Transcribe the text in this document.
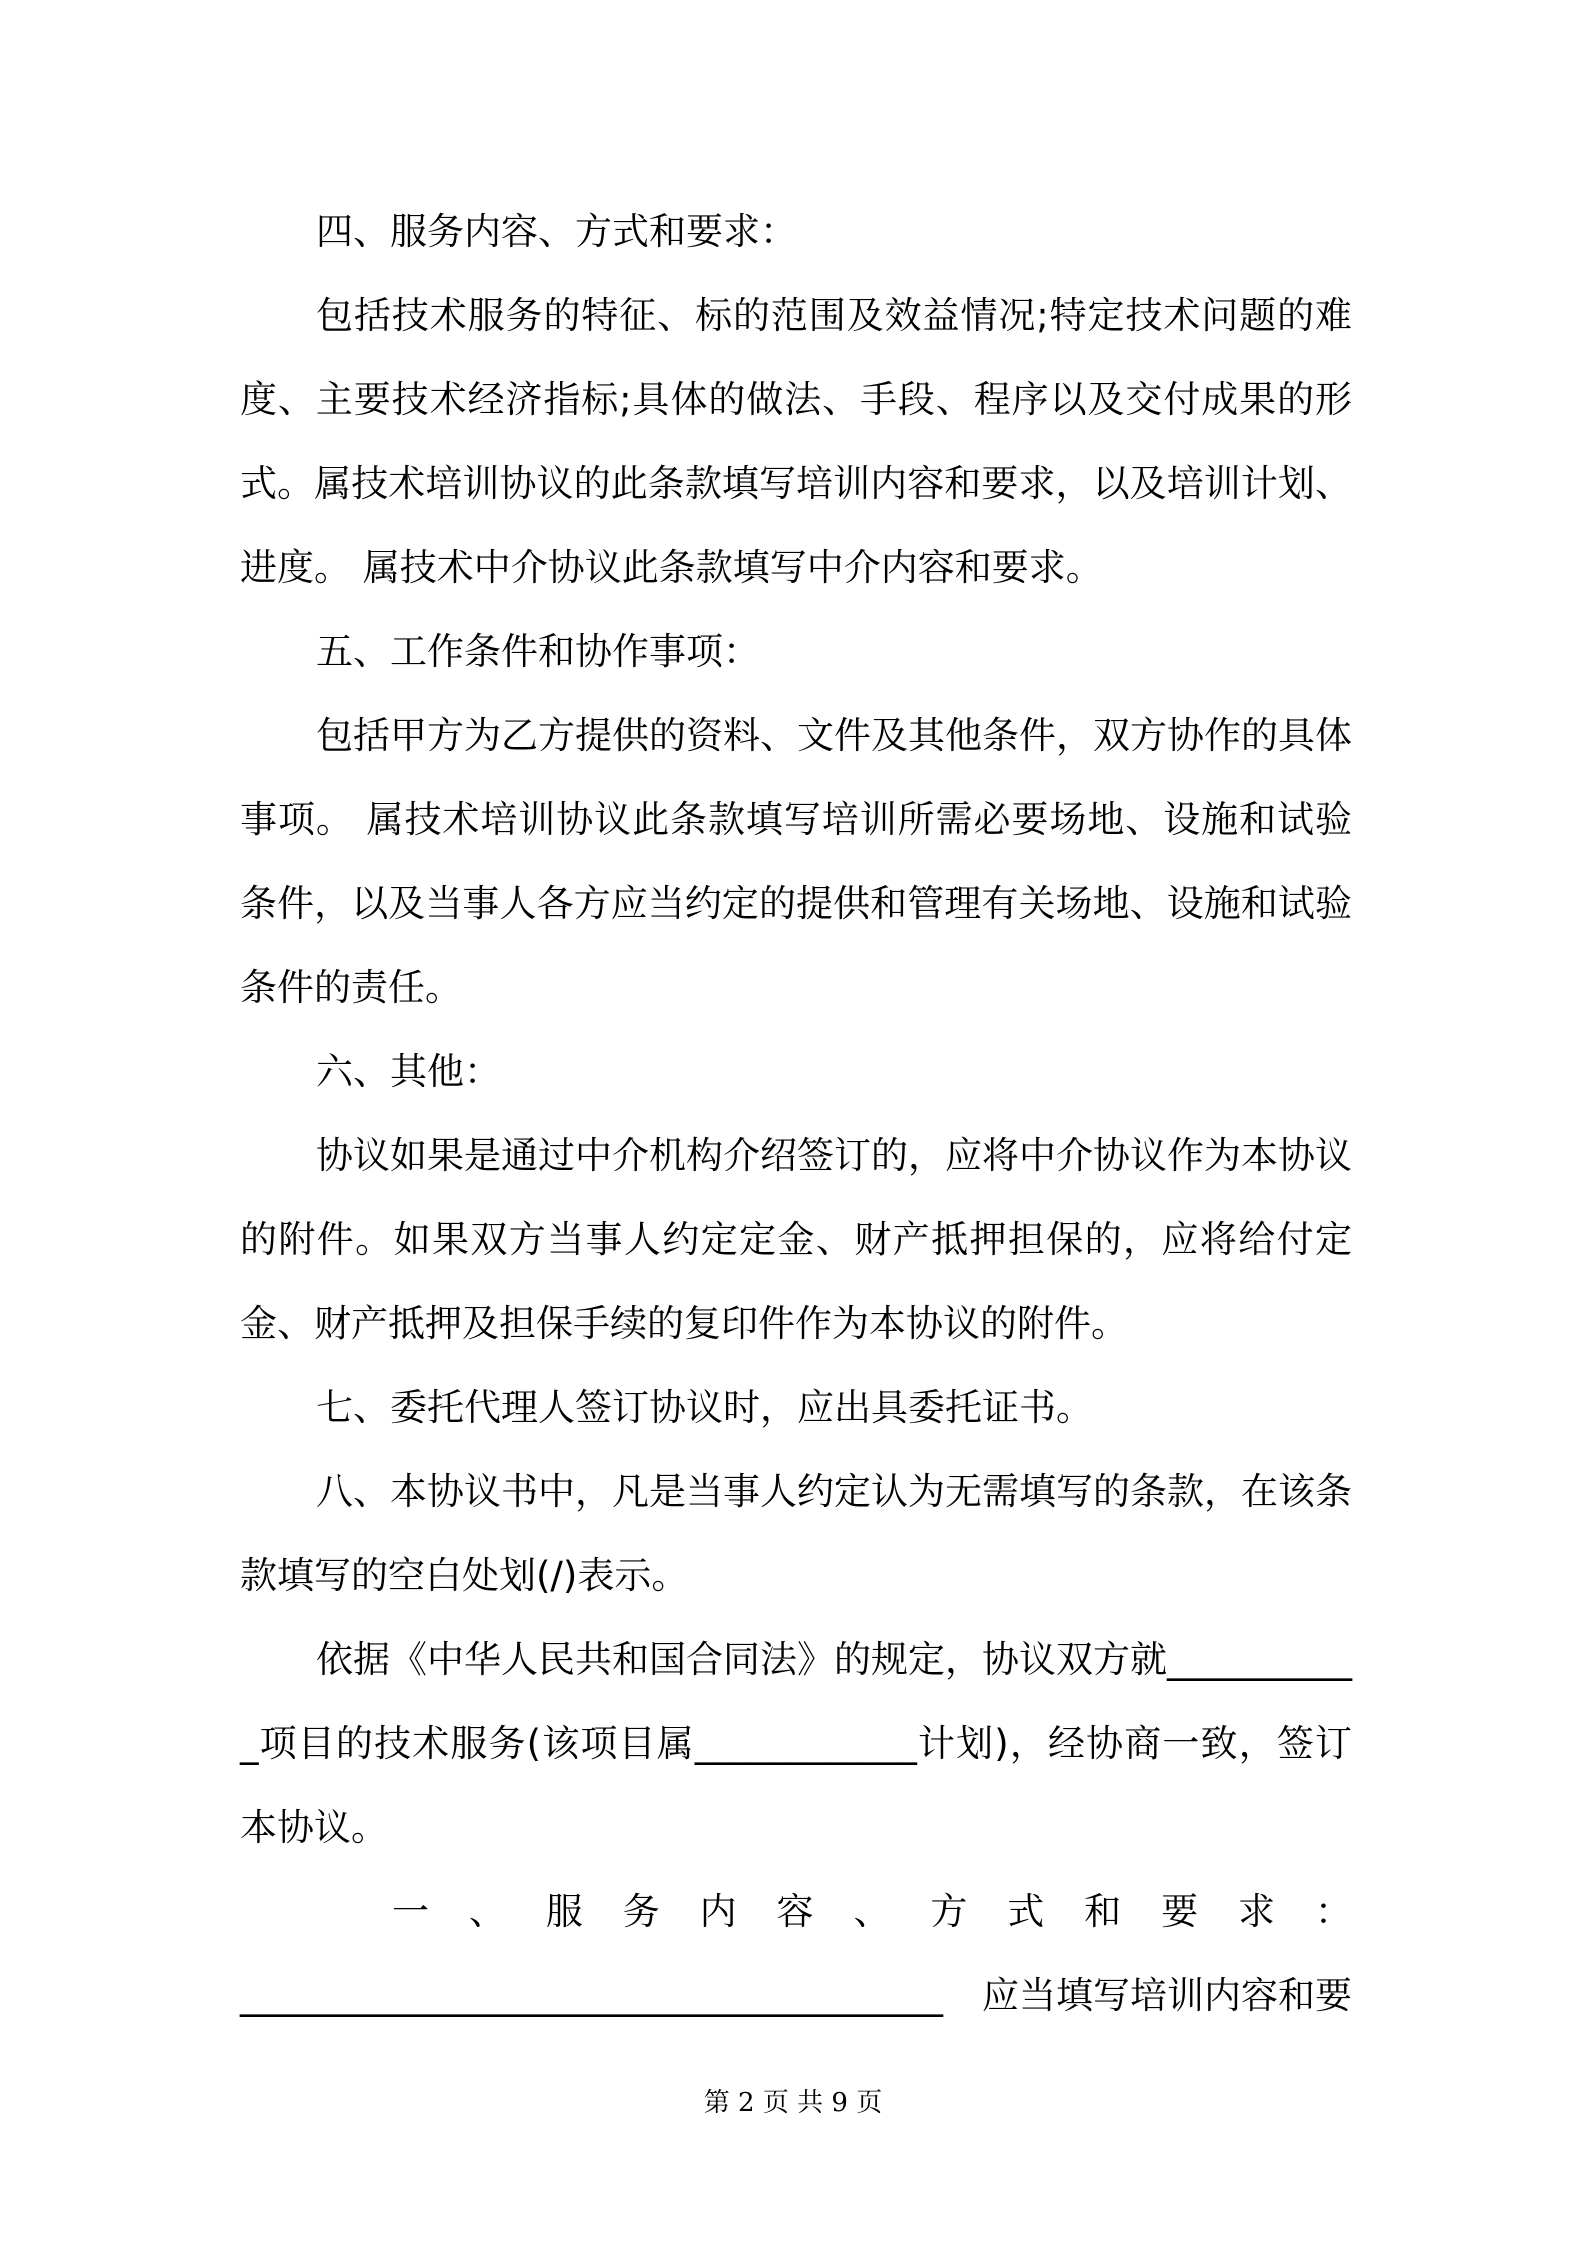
四、服务内容、方式和要求：

包括技术服务的特征、标的范围及效益情况;特定技术问题的难度、主要技术经济指标;具体的做法、手段、程序以及交付成果的形式。属技术培训协议的此条款填写培训内容和要求，以及培训计划、进度。 属技术中介协议此条款填写中介内容和要求。

五、工作条件和协作事项：

包括甲方为乙方提供的资料、文件及其他条件，双方协作的具体事项。 属技术培训协议此条款填写培训所需必要场地、设施和试验条件，以及当事人各方应当约定的提供和管理有关场地、设施和试验条件的责任。

六、其他：

协议如果是通过中介机构介绍签订的，应将中介协议作为本协议的附件。如果双方当事人约定定金、财产抵押担保的，应将给付定金、财产抵押及担保手续的复印件作为本协议的附件。

七、委托代理人签订协议时，应出具委托证书。

八、本协议书中，凡是当事人约定认为无需填写的条款，在该条款填写的空白处划(/)表示。

依据《中华人民共和国合同法》的规定，协议双方就___________项目的技术服务(该项目属____________计划)，经协商一致，签订本协议。

一 、 服 务 内 容 、 方 式 和 要 求 ：
______________________________________ 应当填写培训内容和要
第 2 页 共 9 页
